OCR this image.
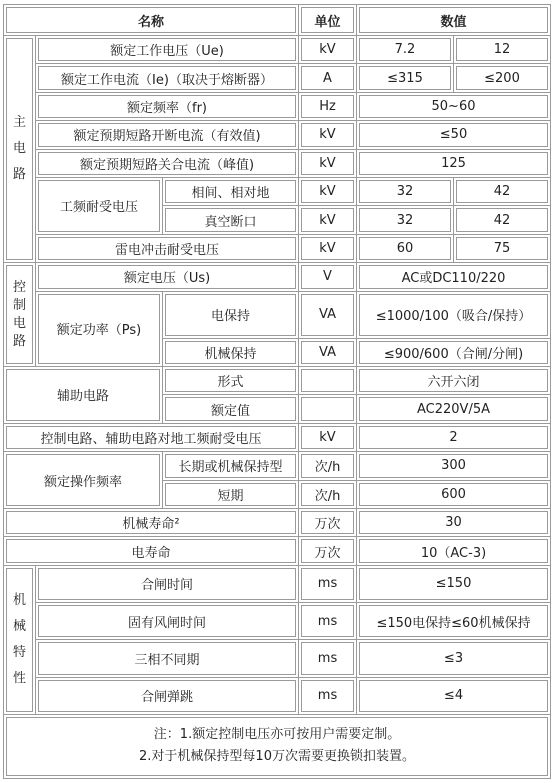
名称			单位	数值	

主
电
路	额定工作电压（Ue)		kV	7.2	12
	额定工作电流（Ie)（取决于熔断器）		A	≤315	≤200
	额定频率（fr)		Hz	50~60	
	额定预期短路开断电流（有效值)		kV	≤50	
	额定预期短路关合电流（峰值)		kV	125	
	工频耐受电压	相间、相对地	kV	32	42
		真空断口	kV	32	42
	雷电冲击耐受电压		kV	60	75

控制
电路	额定电压（Us)		V	AC或DC110/220	
	额定功率（Ps)	电保持	VA	≤1000/100（吸合/保持）	
		机械保持	VA	≤900/600（合闸/分闸)	
辅助电路		形式		六开六闭	
		额定值		AC220V/5A	
控制电路、辅助电路对地工频耐受电压			kV	2	
额定操作频率		长期或机械保持型	次/h	300	
		短期	次/h	600	
机械寿命²			万次	30	
电寿命			万次	10（AC-3)	

机
械
特
性	合闸时间		ms	≤150	
	固有风闸时间		ms	≤150电保持≤60机械保持	
	三相不同期		ms	≤3	
	合闸弹跳		ms	≤4	

注：1.额定控制电压亦可按用户需要定制。
2.对于机械保持型每10万次需要更换锁扣装置。					
